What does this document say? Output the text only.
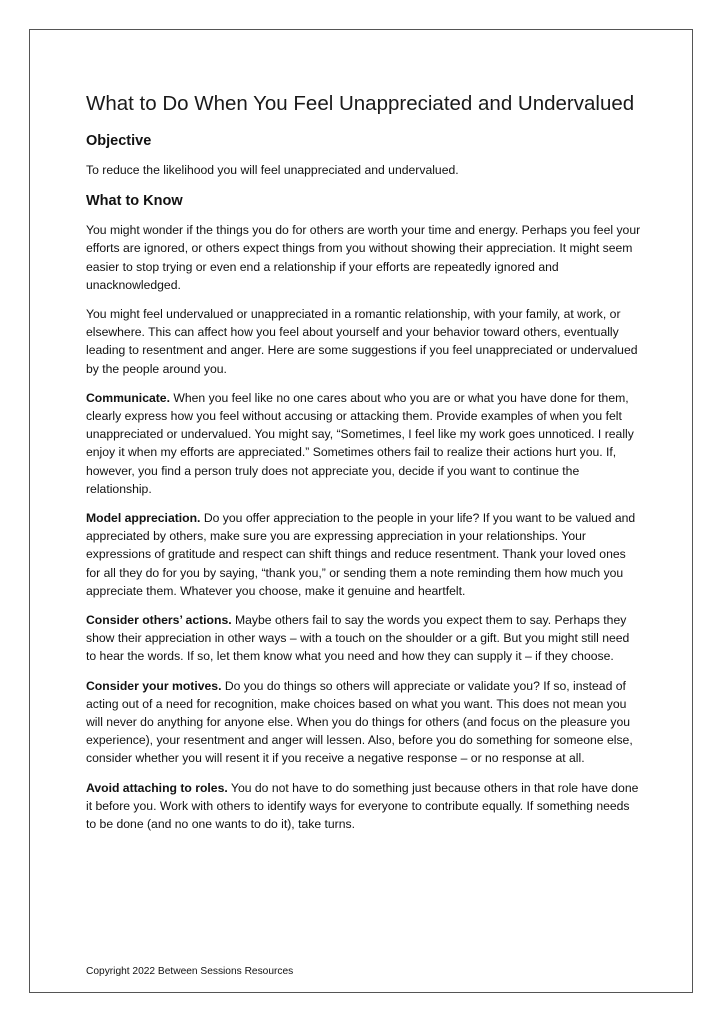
What to Do When You Feel Unappreciated and Undervalued
Objective

To reduce the likelihood you will feel unappreciated and undervalued.

What to Know

You might wonder if the things you do for others are worth your time and energy. Perhaps you feel your efforts are ignored, or others expect things from you without showing their appreciation. It might seem easier to stop trying or even end a relationship if your efforts are repeatedly ignored and unacknowledged.

You might feel undervalued or unappreciated in a romantic relationship, with your family, at work, or elsewhere. This can affect how you feel about yourself and your behavior toward others, eventually leading to resentment and anger. Here are some suggestions if you feel unappreciated or undervalued by the people around you.

Communicate. When you feel like no one cares about who you are or what you have done for them, clearly express how you feel without accusing or attacking them. Provide examples of when you felt unappreciated or undervalued. You might say, “Sometimes, I feel like my work goes unnoticed. I really enjoy it when my efforts are appreciated.” Sometimes others fail to realize their actions hurt you. If, however, you find a person truly does not appreciate you, decide if you want to continue the relationship.

Model appreciation. Do you offer appreciation to the people in your life? If you want to be valued and appreciated by others, make sure you are expressing appreciation in your relationships. Your expressions of gratitude and respect can shift things and reduce resentment. Thank your loved ones for all they do for you by saying, “thank you,” or sending them a note reminding them how much you appreciate them. Whatever you choose, make it genuine and heartfelt.

Consider others’ actions. Maybe others fail to say the words you expect them to say. Perhaps they show their appreciation in other ways – with a touch on the shoulder or a gift. But you might still need to hear the words. If so, let them know what you need and how they can supply it – if they choose.

Consider your motives. Do you do things so others will appreciate or validate you? If so, instead of acting out of a need for recognition, make choices based on what you want. This does not mean you will never do anything for anyone else. When you do things for others (and focus on the pleasure you experience), your resentment and anger will lessen. Also, before you do something for someone else, consider whether you will resent it if you receive a negative response – or no response at all.

Avoid attaching to roles. You do not have to do something just because others in that role have done it before you. Work with others to identify ways for everyone to contribute equally. If something needs to be done (and no one wants to do it), take turns.

Copyright 2022 Between Sessions Resources
